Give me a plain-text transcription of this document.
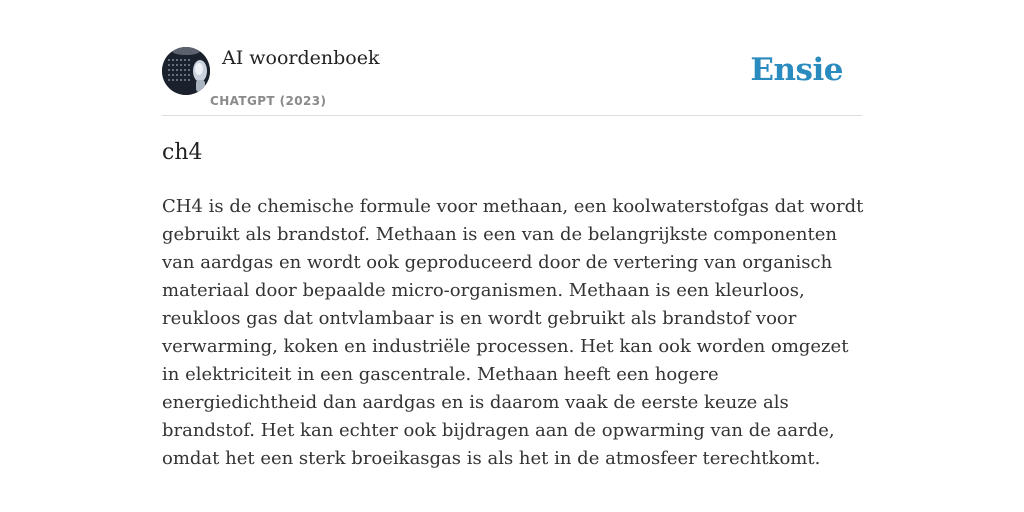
AI woordenboek
CHATGPT (2023)
Ensie
ch4

CH4 is de chemische formule voor methaan, een koolwaterstofgas dat wordt gebruikt als brandstof. Methaan is een van de belangrijkste componenten van aardgas en wordt ook geproduceerd door de vertering van organisch materiaal door bepaalde micro-organismen. Methaan is een kleurloos, reukloos gas dat ontvlambaar is en wordt gebruikt als brandstof voor verwarming, koken en industriële processen. Het kan ook worden omgezet in elektriciteit in een gascentrale. Methaan heeft een hogere energiedichtheid dan aardgas en is daarom vaak de eerste keuze als brandstof. Het kan echter ook bijdragen aan de opwarming van de aarde, omdat het een sterk broeikasgas is als het in de atmosfeer terechtkomt.
